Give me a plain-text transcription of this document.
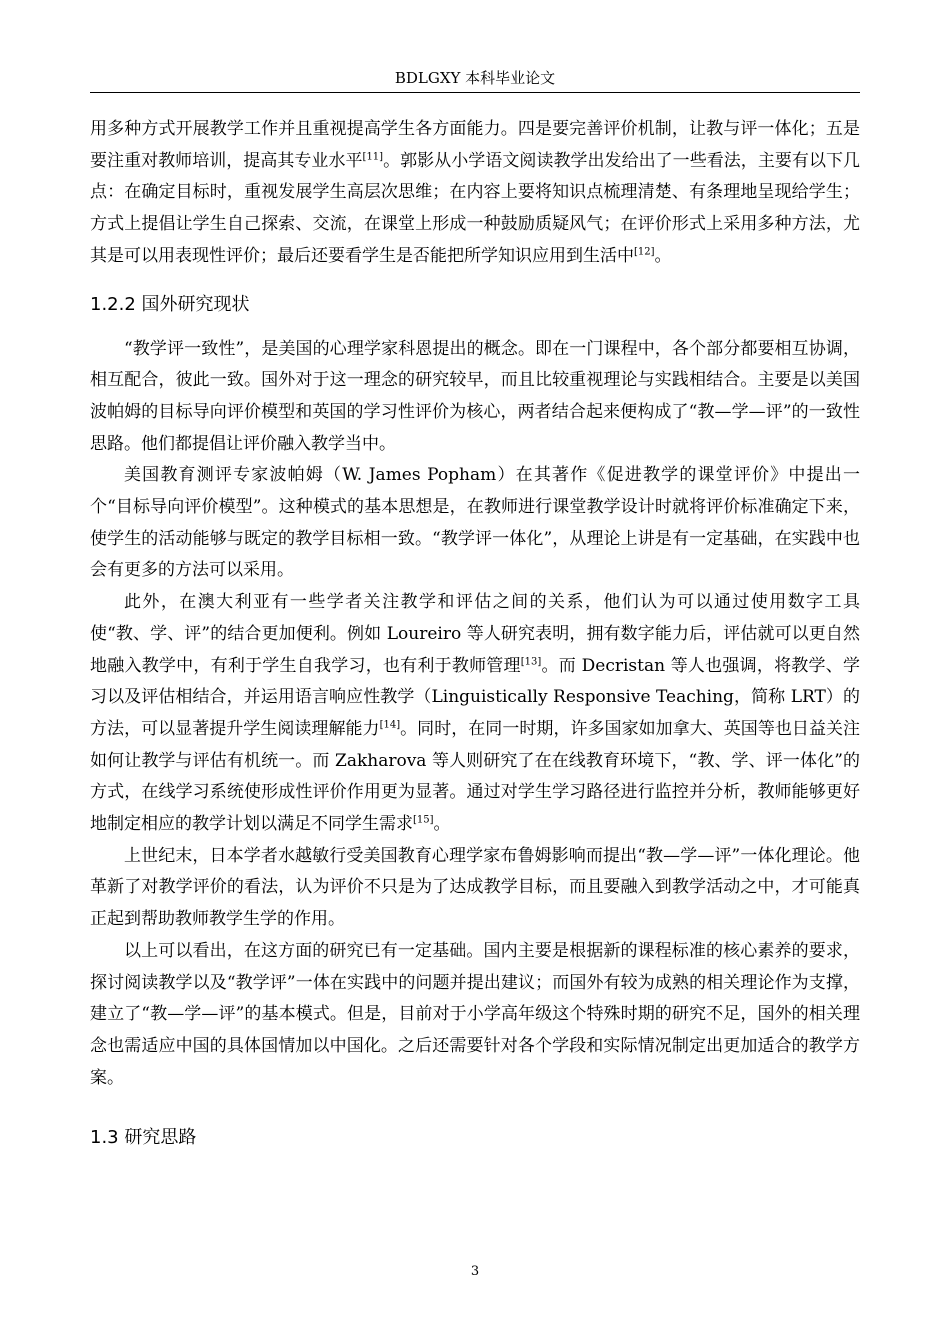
BDLGXY 本科毕业论文

用多种方式开展教学工作并且重视提高学生各方面能力。四是要完善评价机制，让教与评一体化；五是要注重对教师培训，提高其专业水平[11]。郭影从小学语文阅读教学出发给出了一些看法，主要有以下几点：在确定目标时，重视发展学生高层次思维；在内容上要将知识点梳理清楚、有条理地呈现给学生；方式上提倡让学生自己探索、交流，在课堂上形成一种鼓励质疑风气；在评价形式上采用多种方法，尤其是可以用表现性评价；最后还要看学生是否能把所学知识应用到生活中[12]。

1.2.2 国外研究现状

“教学评一致性”，是美国的心理学家科恩提出的概念。即在一门课程中，各个部分都要相互协调，相互配合，彼此一致。国外对于这一理念的研究较早，而且比较重视理论与实践相结合。主要是以美国波帕姆的目标导向评价模型和英国的学习性评价为核心，两者结合起来便构成了“教—学—评”的一致性思路。他们都提倡让评价融入教学当中。

美国教育测评专家波帕姆（W. James Popham）在其著作《促进教学的课堂评价》中提出一个“目标导向评价模型”。这种模式的基本思想是，在教师进行课堂教学设计时就将评价标准确定下来，使学生的活动能够与既定的教学目标相一致。“教学评一体化”，从理论上讲是有一定基础，在实践中也会有更多的方法可以采用。

此外，在澳大利亚有一些学者关注教学和评估之间的关系，他们认为可以通过使用数字工具使“教、学、评”的结合更加便利。例如 Loureiro 等人研究表明，拥有数字能力后，评估就可以更自然地融入教学中，有利于学生自我学习，也有利于教师管理[13]。而 Decristan 等人也强调，将教学、学习以及评估相结合，并运用语言响应性教学（Linguistically Responsive Teaching，简称 LRT）的方法，可以显著提升学生阅读理解能力[14]。同时，在同一时期，许多国家如加拿大、英国等也日益关注如何让教学与评估有机统一。而 Zakharova 等人则研究了在在线教育环境下，“教、学、评一体化”的方式，在线学习系统使形成性评价作用更为显著。通过对学生学习路径进行监控并分析，教师能够更好地制定相应的教学计划以满足不同学生需求[15]。

上世纪末，日本学者水越敏行受美国教育心理学家布鲁姆影响而提出“教—学—评”一体化理论。他革新了对教学评价的看法，认为评价不只是为了达成教学目标，而且要融入到教学活动之中，才可能真正起到帮助教师教学生学的作用。

以上可以看出，在这方面的研究已有一定基础。国内主要是根据新的课程标准的核心素养的要求，探讨阅读教学以及“教学评”一体在实践中的问题并提出建议；而国外有较为成熟的相关理论作为支撑，建立了“教—学—评”的基本模式。但是，目前对于小学高年级这个特殊时期的研究不足，国外的相关理念也需适应中国的具体国情加以中国化。之后还需要针对各个学段和实际情况制定出更加适合的教学方案。

1.3 研究思路
3
